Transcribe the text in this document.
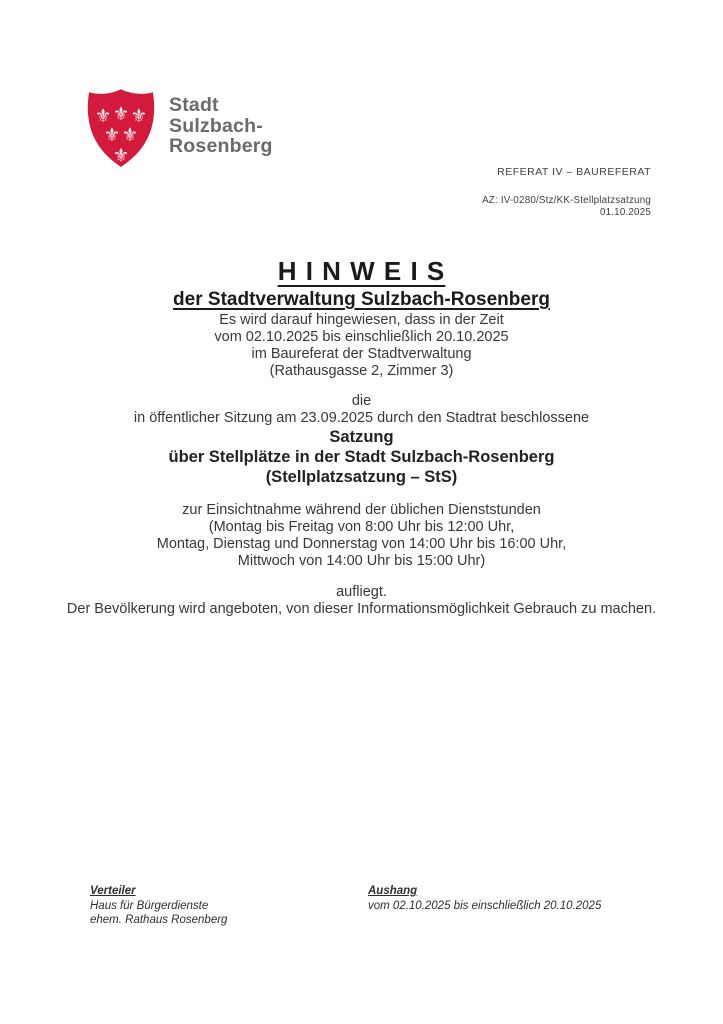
⚜ ⚜ ⚜
⚜ ⚜
⚜
Stadt
Sulzbach-
Rosenberg
REFERAT IV – BAUREFERAT
AZ: IV-0280/Stz/KK-Stellplatzsatzung
01.10.2025
H I N W E I S
der Stadtverwaltung Sulzbach-Rosenberg

Es wird darauf hingewiesen, dass in der Zeit

vom 02.10.2025 bis einschließlich 20.10.2025

im Baureferat der Stadtverwaltung

(Rathausgasse 2, Zimmer 3)

die

in öffentlicher Sitzung am 23.09.2025 durch den Stadtrat beschlossene

Satzung

über Stellplätze in der Stadt Sulzbach-Rosenberg

(Stellplatzsatzung – StS)

zur Einsichtnahme während der üblichen Dienststunden

(Montag bis Freitag von 8:00 Uhr bis 12:00 Uhr,

Montag, Dienstag und Donnerstag von 14:00 Uhr bis 16:00 Uhr,

Mittwoch von 14:00 Uhr bis 15:00 Uhr)

aufliegt.

Der Bevölkerung wird angeboten, von dieser Informationsmöglichkeit Gebrauch zu machen.

Verteiler
Haus für Bürgerdienste
ehem. Rathaus Rosenberg
Aushang
vom 02.10.2025 bis einschließlich 20.10.2025
